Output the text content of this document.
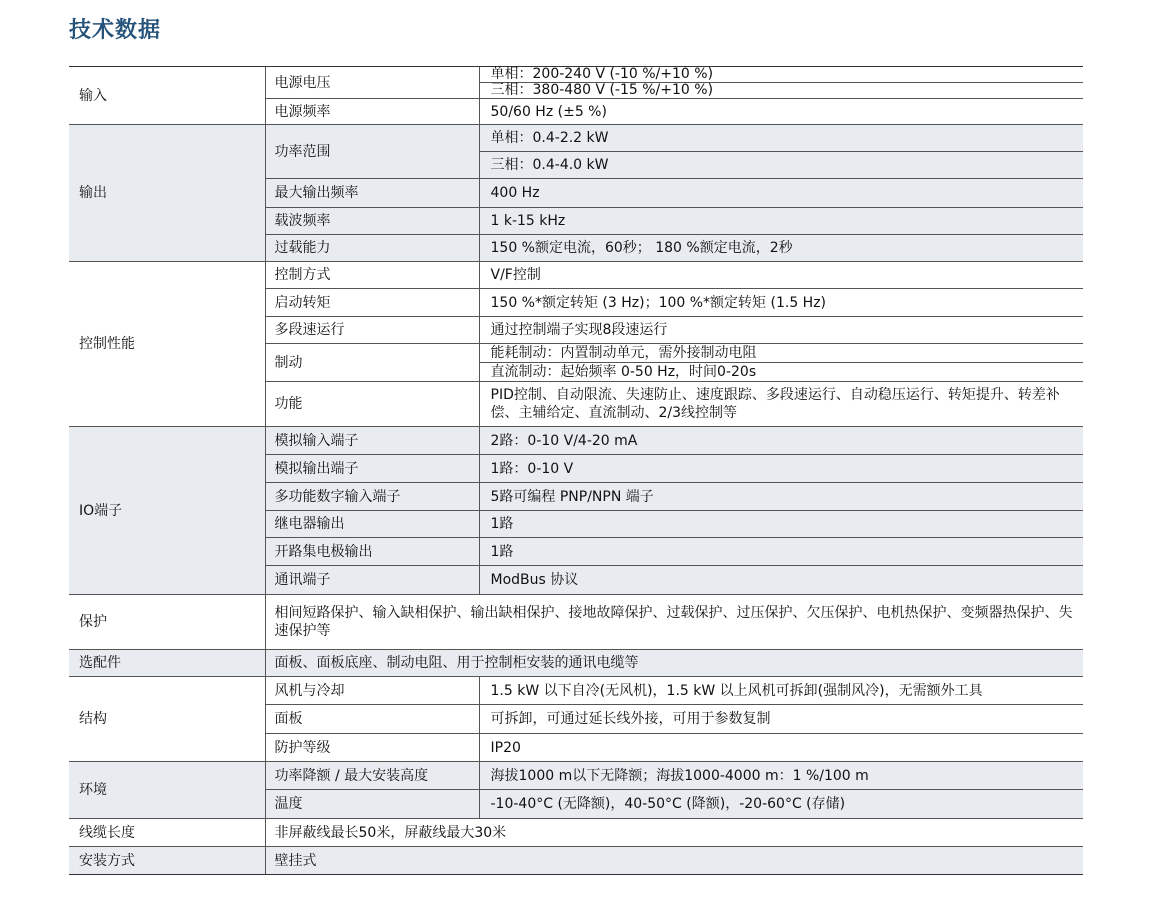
技术数据
输入	电源电压	单相：200-240 V (-10 %/+10 %)
		三相：380-480 V (-15 %/+10 %)
	电源频率	50/60 Hz (±5 %)
输出	功率范围	单相：0.4-2.2 kW
		三相：0.4-4.0 kW
	最大输出频率	400 Hz
	载波频率	1 k-15 kHz
	过载能力	150 %额定电流，60秒； 180 %额定电流，2秒
控制性能	控制方式	V/F控制
	启动转矩	150 %*额定转矩 (3 Hz)；100 %*额定转矩 (1.5 Hz)
	多段速运行	通过控制端子实现8段速运行
	制动	能耗制动：内置制动单元，需外接制动电阻
		直流制动：起始频率 0-50 Hz，时间0-20s
	功能	PID控制、自动限流、失速防止、速度跟踪、多段速运行、自动稳压运行、转矩提升、转差补偿、主辅给定、直流制动、2/3线控制等
IO端子	模拟输入端子	2路：0-10 V/4-20 mA
	模拟输出端子	1路：0-10 V
	多功能数字输入端子	5路可编程 PNP/NPN 端子
	继电器输出	1路
	开路集电极输出	1路
	通讯端子	ModBus 协议
保护	相间短路保护、输入缺相保护、输出缺相保护、接地故障保护、过载保护、过压保护、欠压保护、电机热保护、变频器热保护、失速保护等	
选配件	面板、面板底座、制动电阻、用于控制柜安装的通讯电缆等	
结构	风机与冷却	1.5 kW 以下自冷(无风机)，1.5 kW 以上风机可拆卸(强制风冷)，无需额外工具
	面板	可拆卸，可通过延长线外接，可用于参数复制
	防护等级	IP20
环境	功率降额 / 最大安装高度	海拔1000 m以下无降额；海拔1000-4000 m：1 %/100 m
	温度	-10-40°C (无降额)，40-50°C (降额)，-20-60°C (存储)
线缆长度	非屏蔽线最长50米，屏蔽线最大30米	
安装方式	壁挂式	
